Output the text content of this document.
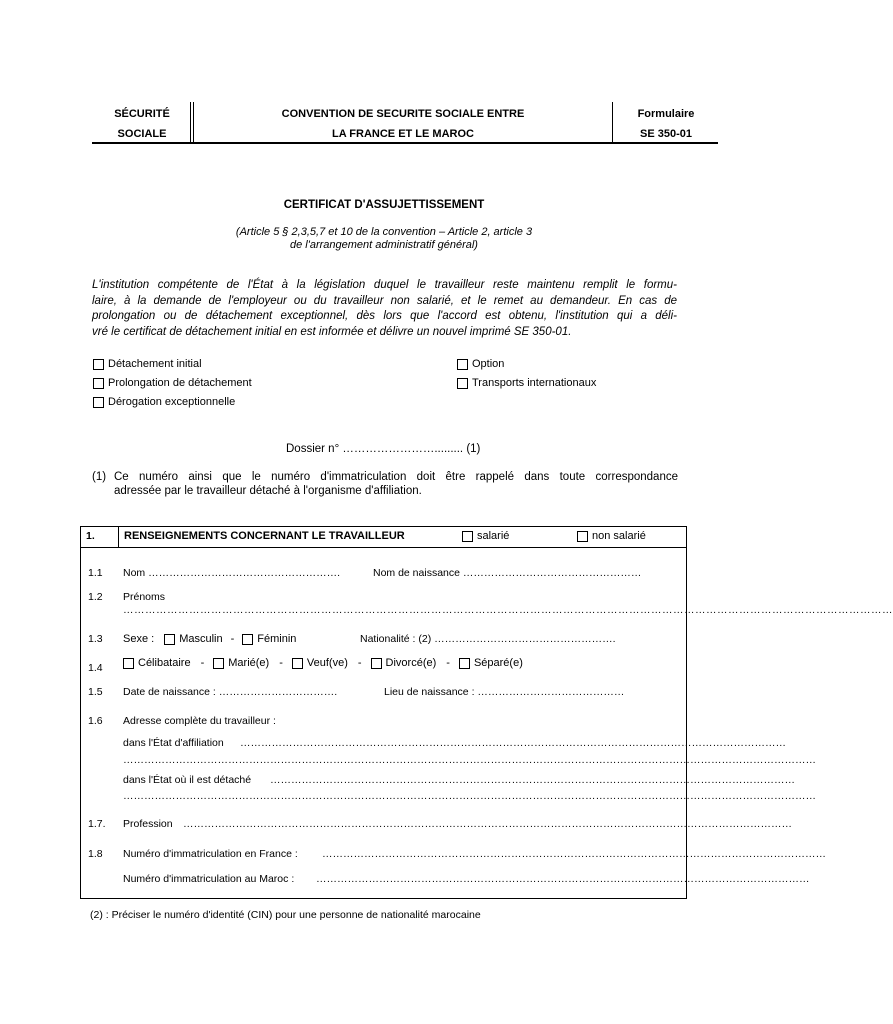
SÉCURITÉ
SOCIALE
CONVENTION DE SECURITE SOCIALE ENTRE
LA FRANCE ET LE MAROC
Formulaire
SE 350-01
CERTIFICAT D'ASSUJETTISSEMENT
(Article 5 § 2,3,5,7 et 10 de la convention – Article 2, article 3
de l'arrangement administratif général)
L'institution compétente de l'État à la législation duquel le travailleur reste maintenu remplit le formu-
laire, à la demande de l'employeur ou du travailleur non salarié, et le remet au demandeur. En cas de
prolongation ou de détachement exceptionnel, dès lors que l'accord est obtenu, l'institution qui a déli-
vré le certificat de détachement initial en est informée et délivre un nouvel imprimé SE 350-01.
Détachement initial
Prolongation de détachement
Dérogation exceptionnelle
Option
Transports internationaux
Dossier n° ……………………......... (1)
(1) Ce numéro ainsi que le numéro d'immatriculation doit être rappelé dans toute correspondance
adressée par le travailleur détaché à l'organisme d'affiliation.
1.	RENSEIGNEMENTS CONCERNANT LE TRAVAILLEUR	salarié	non salarié
1.1 Nom ……………………………………………….	Nom de naissance ……………………………………………
1.2 Prénoms
…………………………………………………………………………………………………………………………………………………………………………………………
1.3 Sexe : Masculin - Féminin	Nationalité : (2) …………………………………………….
1.4	Célibataire - Marié(e) - Veuf(ve) - Divorcé(e) - Séparé(e)
1.5 Date de naissance : …………………………….	Lieu de naissance : ……………………………………
1.6 Adresse complète du travailleur :
dans l'État d'affiliation …………………………………………………………………………………………………………………………………………
………………………………………………………………………………………………………………………………………………………………………………
dans l'État où il est détaché ……………………………………………………………………………………………………………………………………
………………………………………………………………………………………………………………………………………………………………………………
1.7. Profession …………………………………………………………………………………………………………………………………………………………
1.8 Numéro d'immatriculation en France : ………………………………………………………………………………………………………………………………
Numéro d'immatriculation au Maroc : ……………………………………………………………………………………………………………………………
(2) : Préciser le numéro d'identité (CIN) pour une personne de nationalité marocaine
